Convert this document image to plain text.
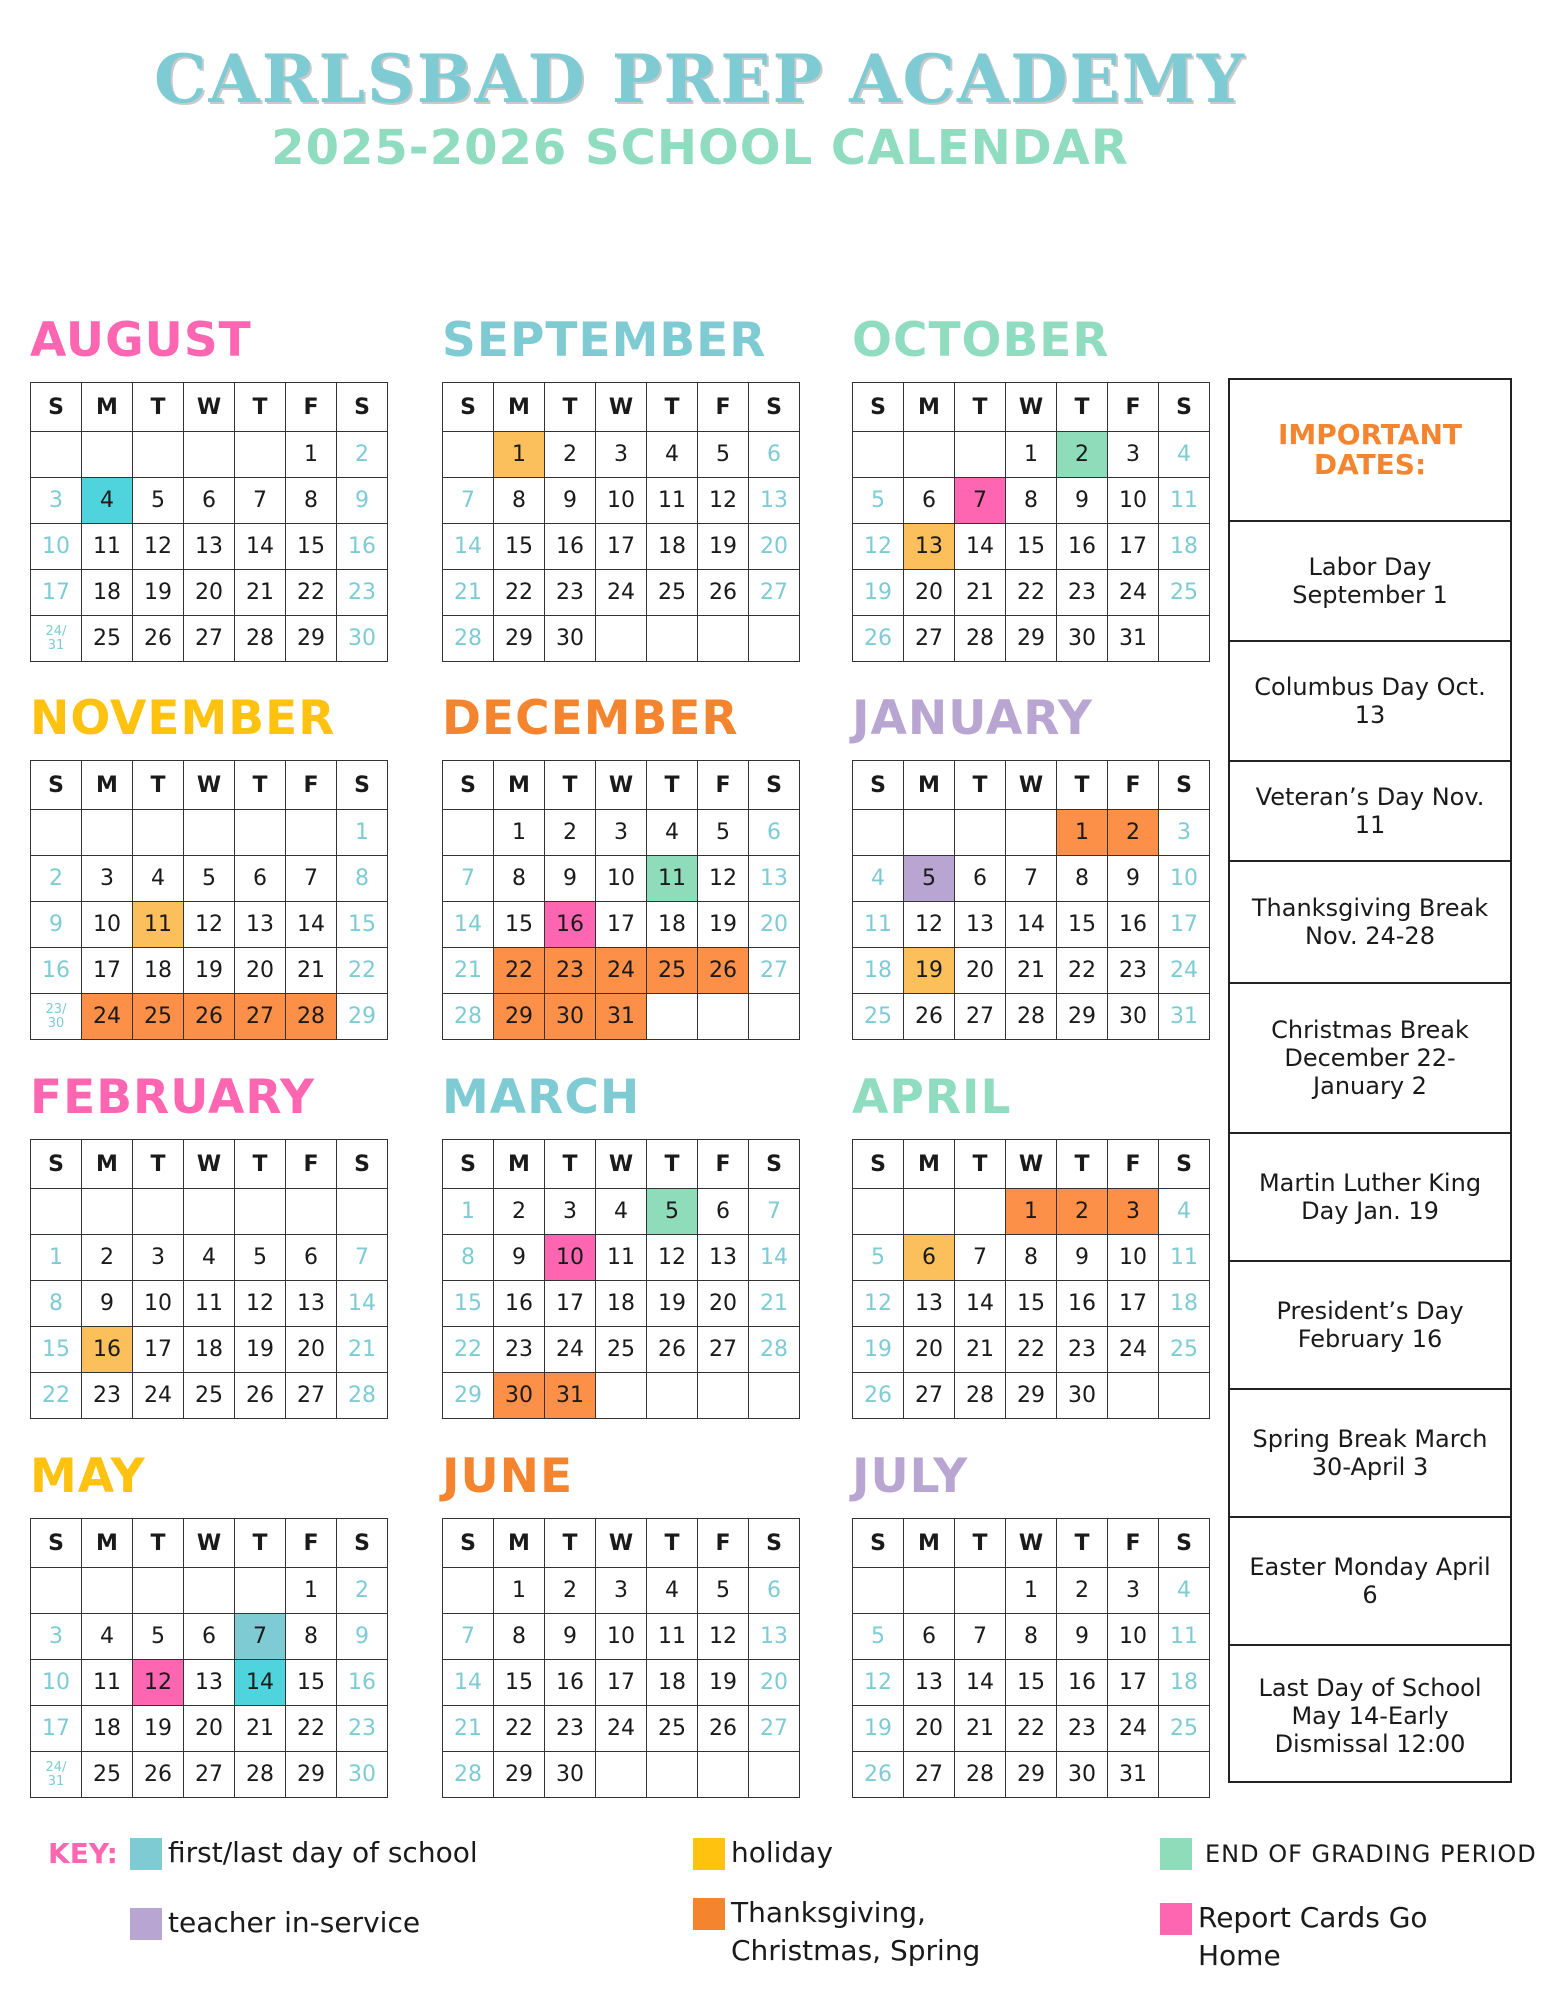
CARLSBAD PREP ACADEMY
2025-2026 SCHOOL CALENDAR
AUGUST
S	M	T	W	T	F	S
					1	2
3	4	5	6	7	8	9
10	11	12	13	14	15	16
17	18	19	20	21	22	23
24/
31	25	26	27	28	29	30
SEPTEMBER
S	M	T	W	T	F	S
	1	2	3	4	5	6
7	8	9	10	11	12	13
14	15	16	17	18	19	20
21	22	23	24	25	26	27
28	29	30				
OCTOBER
S	M	T	W	T	F	S
			1	2	3	4
5	6	7	8	9	10	11
12	13	14	15	16	17	18
19	20	21	22	23	24	25
26	27	28	29	30	31	
NOVEMBER
S	M	T	W	T	F	S
						1
2	3	4	5	6	7	8
9	10	11	12	13	14	15
16	17	18	19	20	21	22
23/
30	24	25	26	27	28	29
DECEMBER
S	M	T	W	T	F	S
	1	2	3	4	5	6
7	8	9	10	11	12	13
14	15	16	17	18	19	20
21	22	23	24	25	26	27
28	29	30	31			
JANUARY
S	M	T	W	T	F	S
				1	2	3
4	5	6	7	8	9	10
11	12	13	14	15	16	17
18	19	20	21	22	23	24
25	26	27	28	29	30	31
FEBRUARY
S	M	T	W	T	F	S

1	2	3	4	5	6	7
8	9	10	11	12	13	14
15	16	17	18	19	20	21
22	23	24	25	26	27	28
MARCH
S	M	T	W	T	F	S
1	2	3	4	5	6	7
8	9	10	11	12	13	14
15	16	17	18	19	20	21
22	23	24	25	26	27	28
29	30	31				
APRIL
S	M	T	W	T	F	S
			1	2	3	4
5	6	7	8	9	10	11
12	13	14	15	16	17	18
19	20	21	22	23	24	25
26	27	28	29	30		
MAY
S	M	T	W	T	F	S
					1	2
3	4	5	6	7	8	9
10	11	12	13	14	15	16
17	18	19	20	21	22	23
24/
31	25	26	27	28	29	30
JUNE
S	M	T	W	T	F	S
	1	2	3	4	5	6
7	8	9	10	11	12	13
14	15	16	17	18	19	20
21	22	23	24	25	26	27
28	29	30				
JULY
S	M	T	W	T	F	S
			1	2	3	4
5	6	7	8	9	10	11
12	13	14	15	16	17	18
19	20	21	22	23	24	25
26	27	28	29	30	31	
IMPORTANT DATES:
Labor Day September 1
Columbus Day Oct. 13
Veteran’s Day Nov. 11
Thanksgiving Break Nov. 24-28
Christmas Break December 22-January 2
Martin Luther King Day Jan. 19
President’s Day February 16
Spring Break March 30-April 3
Easter Monday April 6
Last Day of School May 14-Early Dismissal 12:00
KEY: first/last day of school	holiday	END OF GRADING PERIOD
teacher in-service	Thanksgiving, Christmas, Spring
Report Cards Go Home
